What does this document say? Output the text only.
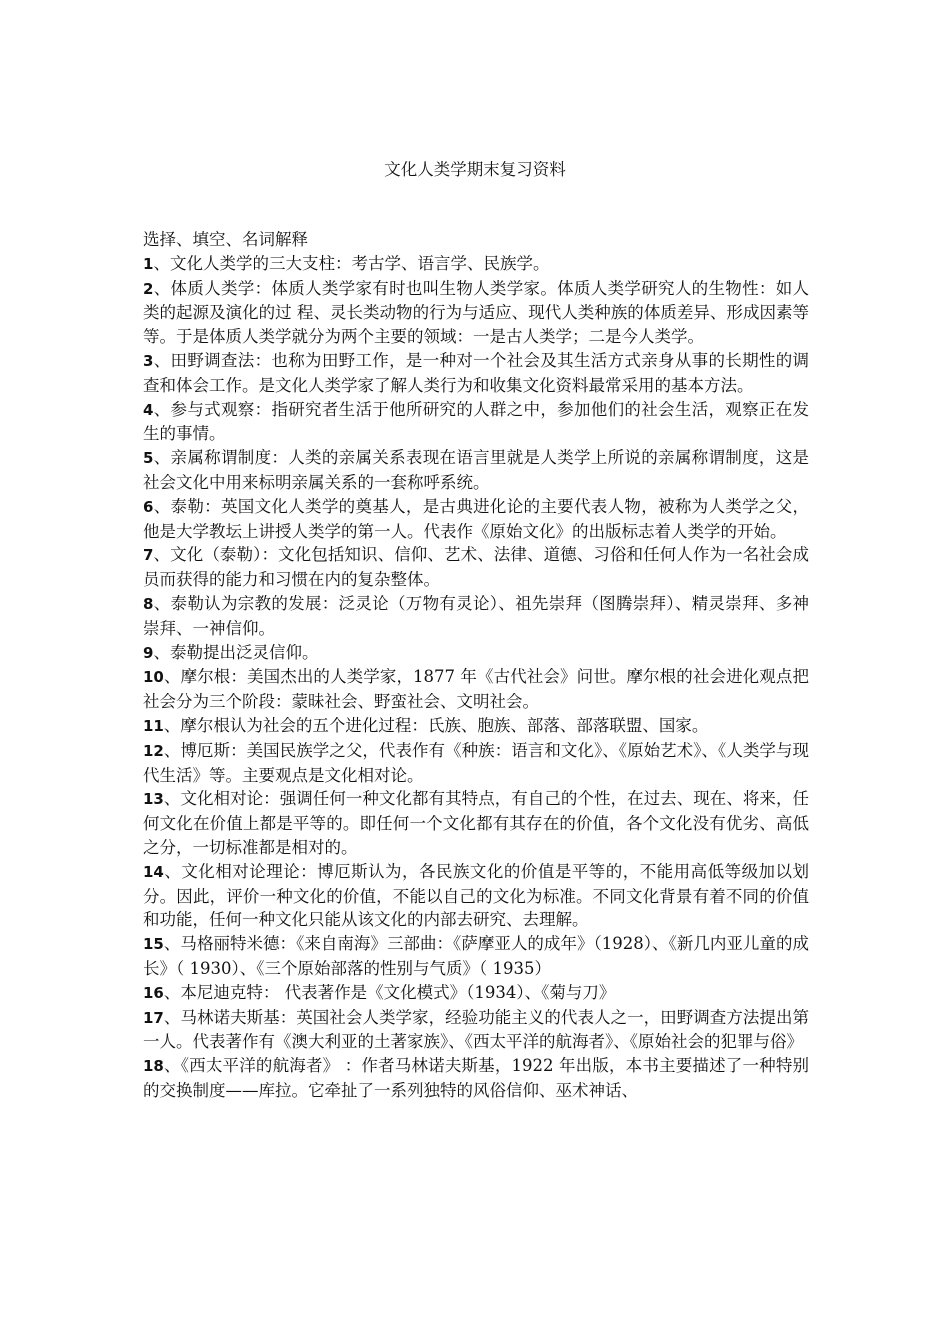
文化人类学期末复习资料

选择、填空、名词解释

1、文化人类学的三大支柱：考古学、语言学、民族学。

2、体质人类学：体质人类学家有时也叫生物人类学家。体质人类学研究人的生物性：如人类的起源及演化的过 程、灵长类动物的行为与适应、现代人类种族的体质差异、形成因素等等。于是体质人类学就分为两个主要的领域：一是古人类学；二是今人类学。

3、田野调查法：也称为田野工作，是一种对一个社会及其生活方式亲身从事的长期性的调查和体会工作。是文化人类学家了解人类行为和收集文化资料最常采用的基本方法。

4、参与式观察：指研究者生活于他所研究的人群之中，参加他们的社会生活，观察正在发生的事情。

5、亲属称谓制度：人类的亲属关系表现在语言里就是人类学上所说的亲属称谓制度，这是社会文化中用来标明亲属关系的一套称呼系统。

6、泰勒：英国文化人类学的奠基人，是古典进化论的主要代表人物，被称为人类学之父，他是大学教坛上讲授人类学的第一人。代表作《原始文化》的出版标志着人类学的开始。

7、文化（泰勒）：文化包括知识、信仰、艺术、法律、道德、习俗和任何人作为一名社会成员而获得的能力和习惯在内的复杂整体。

8、泰勒认为宗教的发展：泛灵论（万物有灵论）、祖先崇拜（图腾崇拜）、精灵崇拜、多神崇拜、一神信仰。

9、泰勒提出泛灵信仰。

10、摩尔根：美国杰出的人类学家，1877 年《古代社会》问世。摩尔根的社会进化观点把社会分为三个阶段：蒙昧社会、野蛮社会、文明社会。

11、摩尔根认为社会的五个进化过程：氏族、胞族、部落、部落联盟、国家。

12、博厄斯：美国民族学之父，代表作有《种族：语言和文化》、《原始艺术》、《人类学与现代生活》等。主要观点是文化相对论。

13、文化相对论：强调任何一种文化都有其特点，有自己的个性，在过去、现在、将来，任何文化在价值上都是平等的。即任何一个文化都有其存在的价值，各个文化没有优劣、高低之分，一切标准都是相对的。

14、文化相对论理论：博厄斯认为，各民族文化的价值是平等的，不能用高低等级加以划分。因此，评价一种文化的价值，不能以自己的文化为标准。不同文化背景有着不同的价值和功能，任何一种文化只能从该文化的内部去研究、去理解。

15、马格丽特米德：《来自南海》三部曲：《萨摩亚人的成年》（1928）、《新几内亚儿童的成长》（ 1930）、《三个原始部落的性别与气质》（ 1935）

16、本尼迪克特： 代表著作是《文化模式》（1934）、《菊与刀》

17、马林诺夫斯基：英国社会人类学家，经验功能主义的代表人之一，田野调查方法提出第一人。代表著作有《澳大利亚的土著家族》、《西太平洋的航海者》、《原始社会的犯罪与俗》

18、《西太平洋的航海者》 ：作者马林诺夫斯基，1922 年出版，本书主要描述了一种特别的交换制度——库拉。它牵扯了一系列独特的风俗信仰、巫术神话、
